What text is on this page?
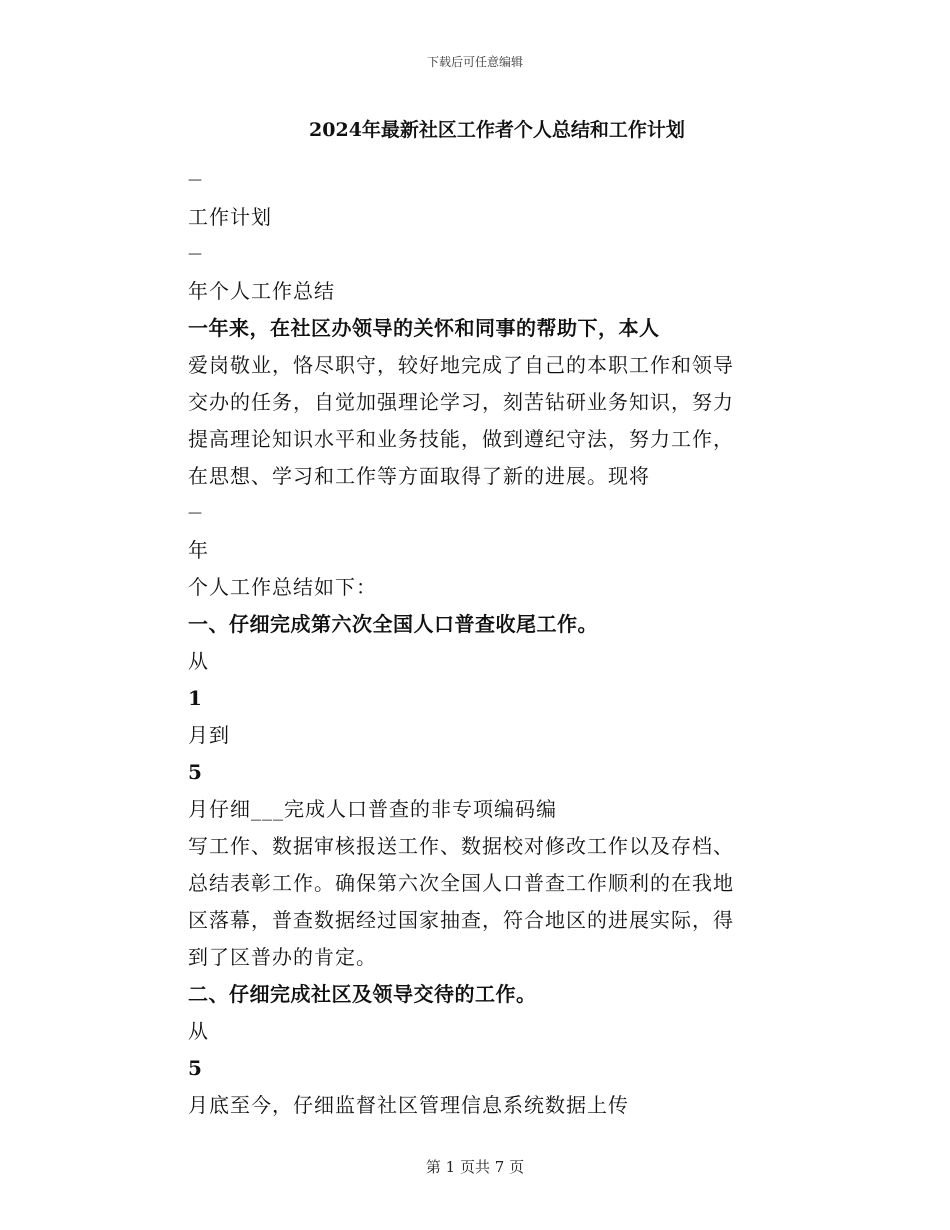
下载后可任意编辑
2024年最新社区工作者个人总结和工作计划
—
工作计划
—
年个人工作总结
一年来，在社区办领导的关怀和同事的帮助下，本人
爱岗敬业，恪尽职守，较好地完成了自己的本职工作和领导
交办的任务，自觉加强理论学习，刻苦钻研业务知识，努力
提高理论知识水平和业务技能，做到遵纪守法，努力工作，
在思想、学习和工作等方面取得了新的进展。现将
—
年
个人工作总结如下：
一、仔细完成第六次全国人口普查收尾工作。
从
1
月到
5
月仔细___完成人口普查的非专项编码编
写工作、数据审核报送工作、数据校对修改工作以及存档、
总结表彰工作。确保第六次全国人口普查工作顺利的在我地
区落幕，普查数据经过国家抽查，符合地区的进展实际，得
到了区普办的肯定。
二、仔细完成社区及领导交待的工作。
从
5
月底至今，仔细监督社区管理信息系统数据上传
第 1 页共 7 页
